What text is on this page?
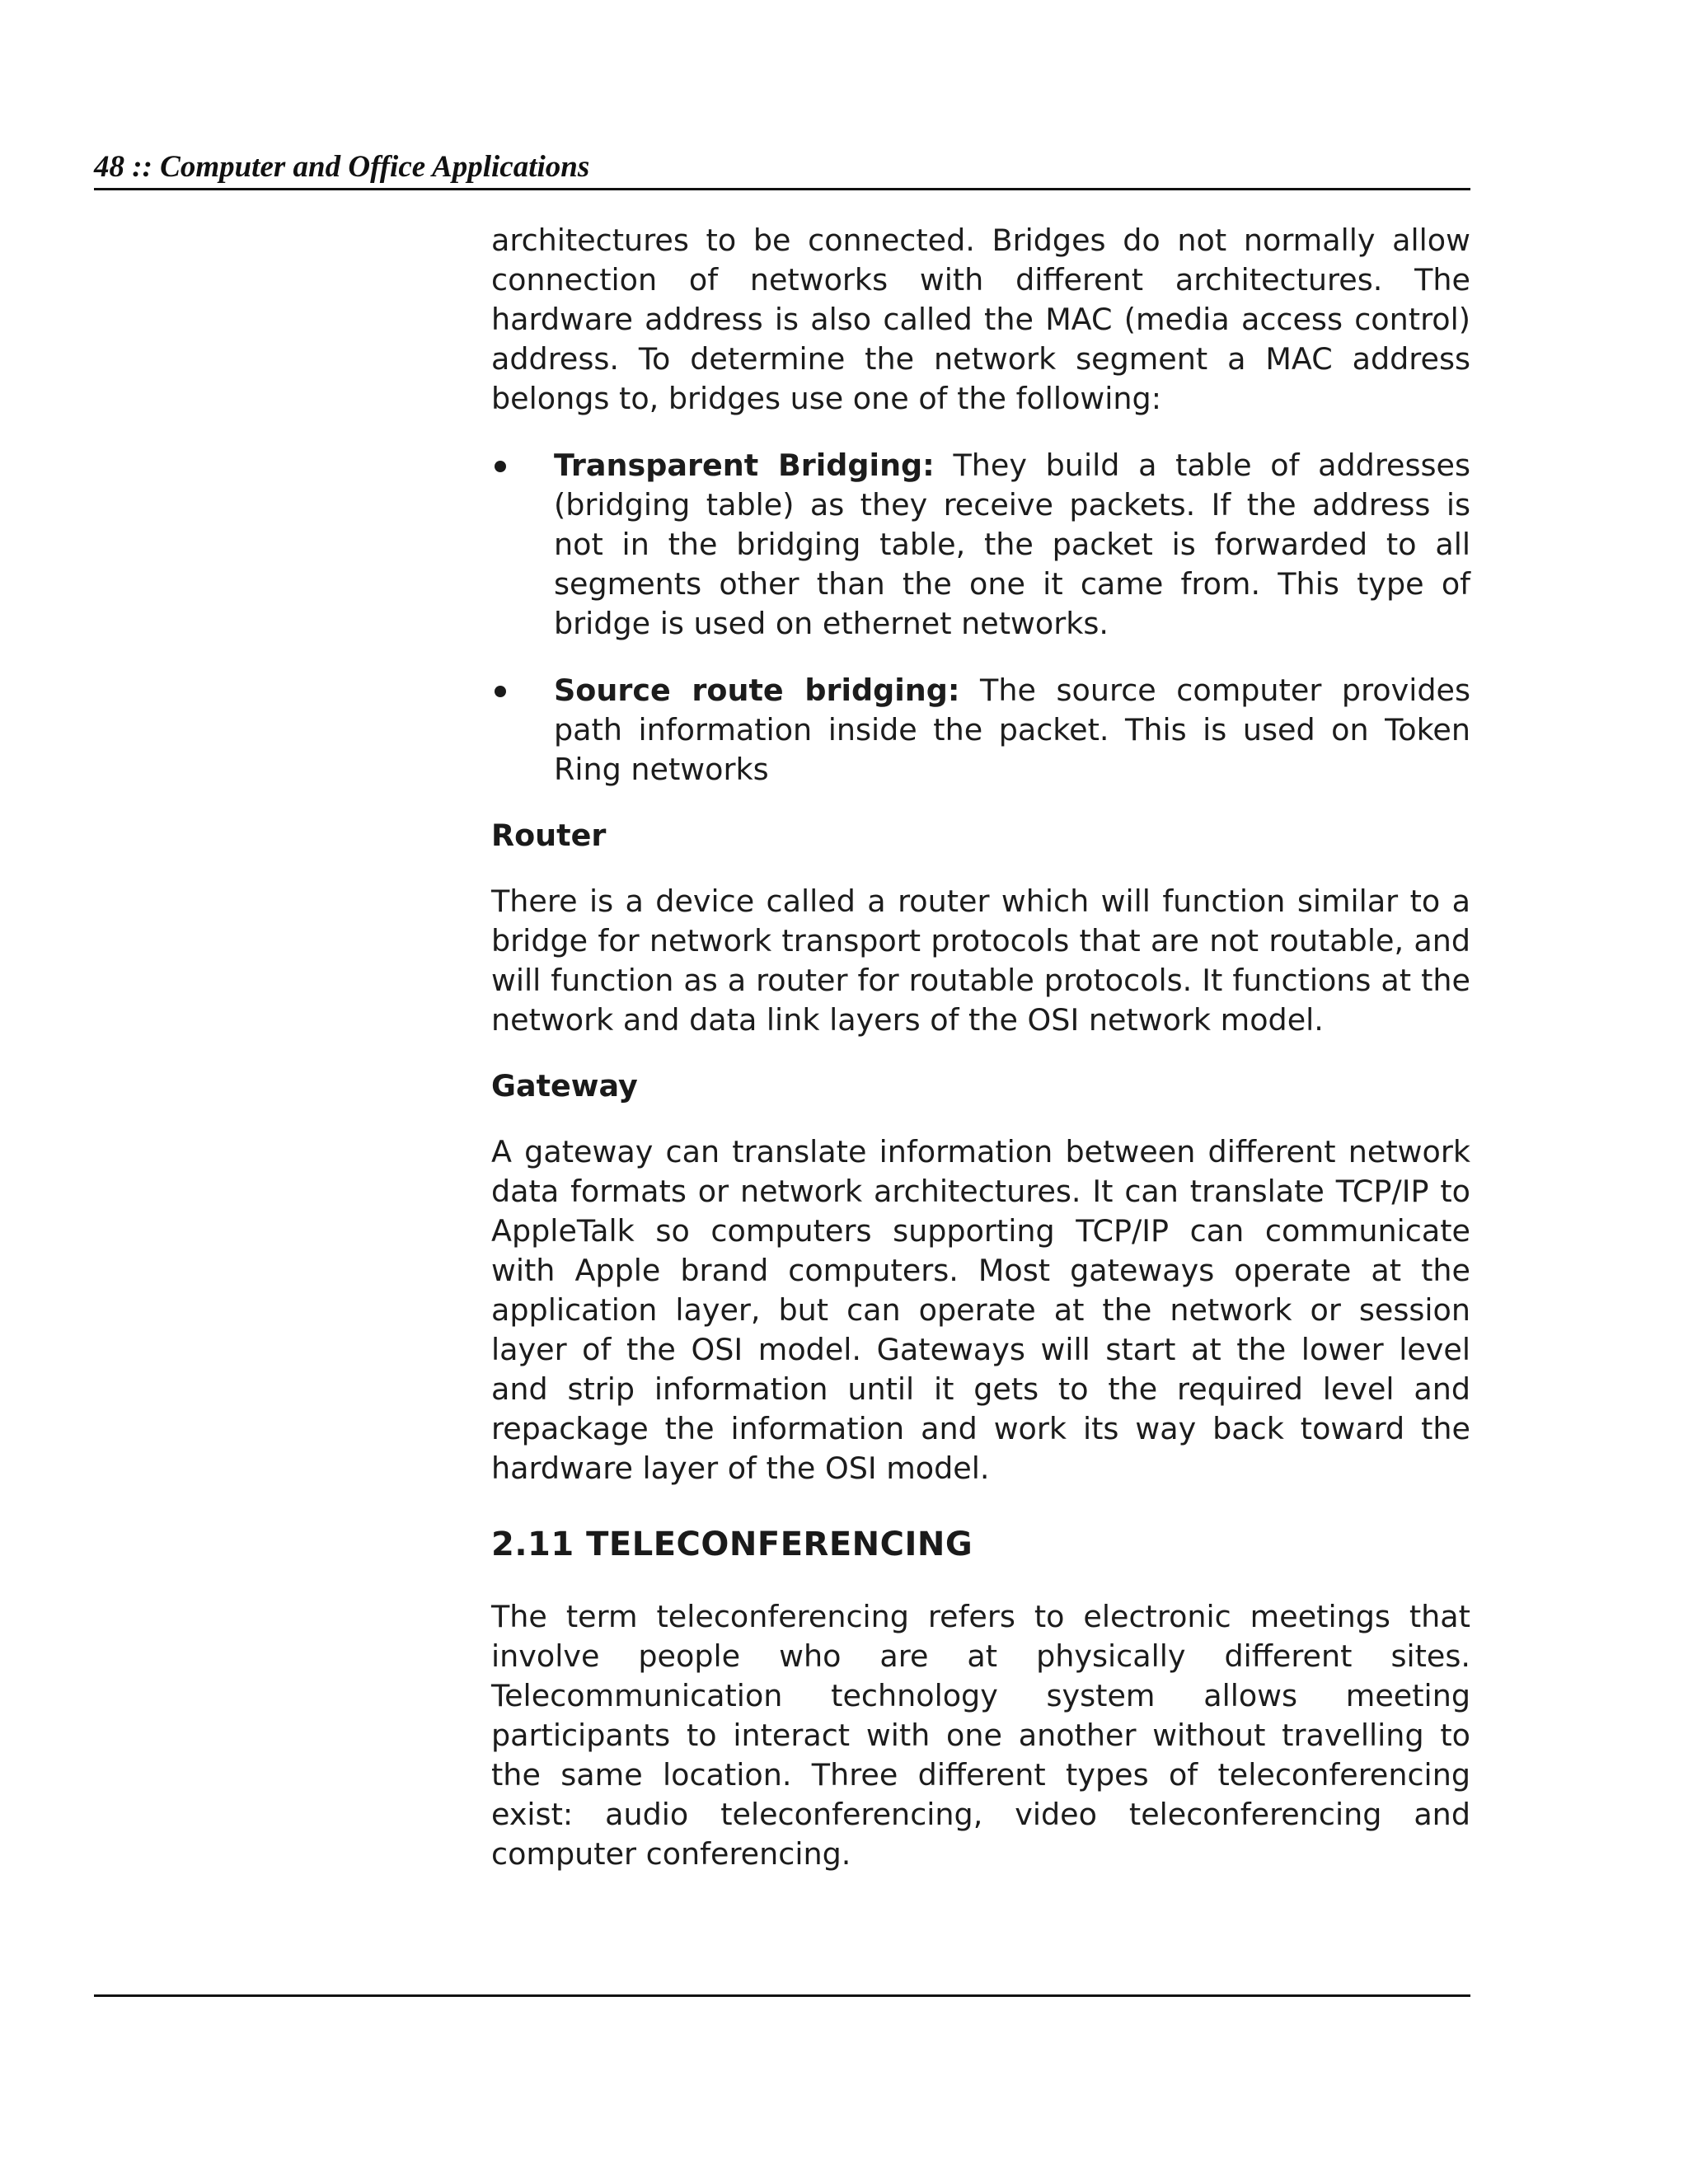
48 :: Computer and Office Applications

architectures to be connected. Bridges do not normally allow connection of networks with different architectures. The hardware address is also called the MAC (media access control) address. To determine the network segment a MAC address belongs to, bridges use one of the following:

Transparent Bridging: They build a table of addresses (bridging table) as they receive packets. If the address is not in the bridging table, the packet is forwarded to all segments other than the one it came from. This type of bridge is used on ethernet networks.
Source route bridging: The source computer provides path information inside the packet. This is used on Token Ring networks
Router

There is a device called a router which will function similar to a bridge for network transport protocols that are not routable, and will function as a router for routable protocols. It functions at the network and data link layers of the OSI network model.

Gateway

A gateway can translate information between different network data formats or network architectures. It can translate TCP/IP to AppleTalk so computers supporting TCP/IP can communicate with Apple brand computers. Most gateways operate at the application layer, but can operate at the network or session layer of the OSI model. Gateways will start at the lower level and strip information until it gets to the required level and repackage the information and work its way back toward the hardware layer of the OSI model.

2.11 TELECONFERENCING

The term teleconferencing refers to electronic meetings that involve people who are at physically different sites. Telecommunication technology system allows meeting participants to interact with one another without travelling to the same location. Three different types of teleconferencing exist: audio teleconferencing, video teleconferencing and computer conferencing.
